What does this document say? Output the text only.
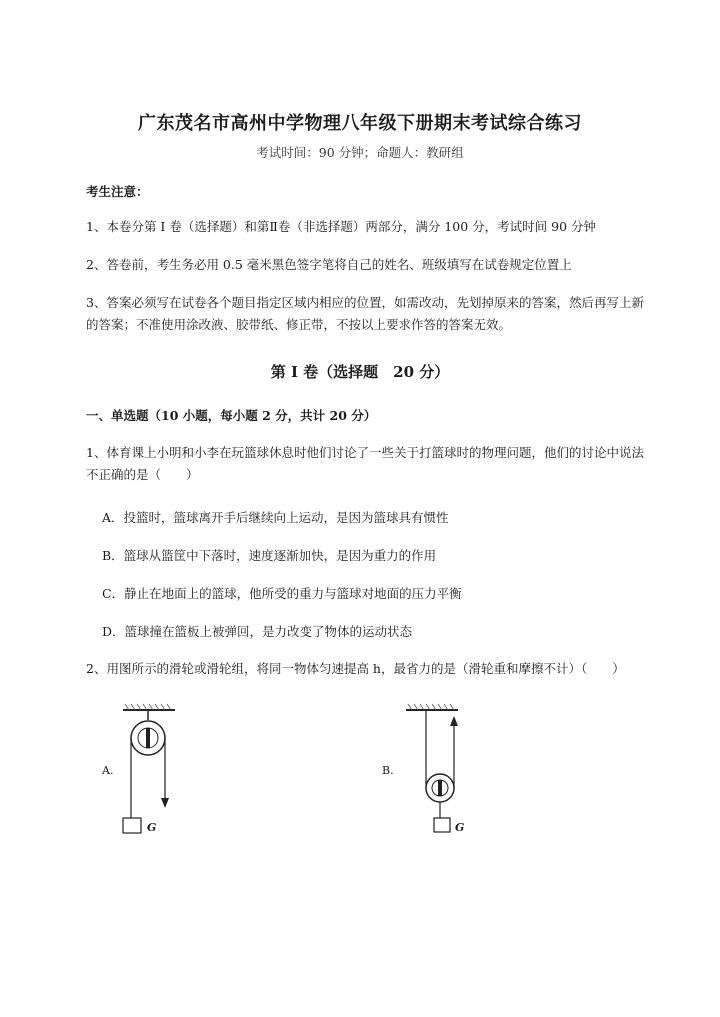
广东茂名市高州中学物理八年级下册期末考试综合练习
考试时间：90 分钟；命题人：教研组
考生注意：
1、本卷分第 I 卷（选择题）和第Ⅱ卷（非选择题）两部分，满分 100 分，考试时间 90 分钟
2、答卷前，考生务必用 0.5 毫米黑色签字笔将自己的姓名、班级填写在试卷规定位置上
3、答案必须写在试卷各个题目指定区域内相应的位置，如需改动，先划掉原来的答案，然后再写上新
的答案；不准使用涂改液、胶带纸、修正带，不按以上要求作答的答案无效。
第 I 卷（选择题　20 分）
一、单选题（10 小题，每小题 2 分，共计 20 分）
1、体育课上小明和小李在玩篮球休息时他们讨论了一些关于打篮球时的物理问题，他们的讨论中说法
不正确的是（　　）
A．投篮时，篮球离开手后继续向上运动，是因为篮球具有惯性
B．篮球从篮筐中下落时，速度逐渐加快，是因为重力的作用
C．静止在地面上的篮球，他所受的重力与篮球对地面的压力平衡
D．篮球撞在篮板上被弹回，是力改变了物体的运动状态
2、用图所示的滑轮或滑轮组，将同一物体匀速提高 h，最省力的是（滑轮重和摩擦不计）（　　）
A.
G
B.
G
